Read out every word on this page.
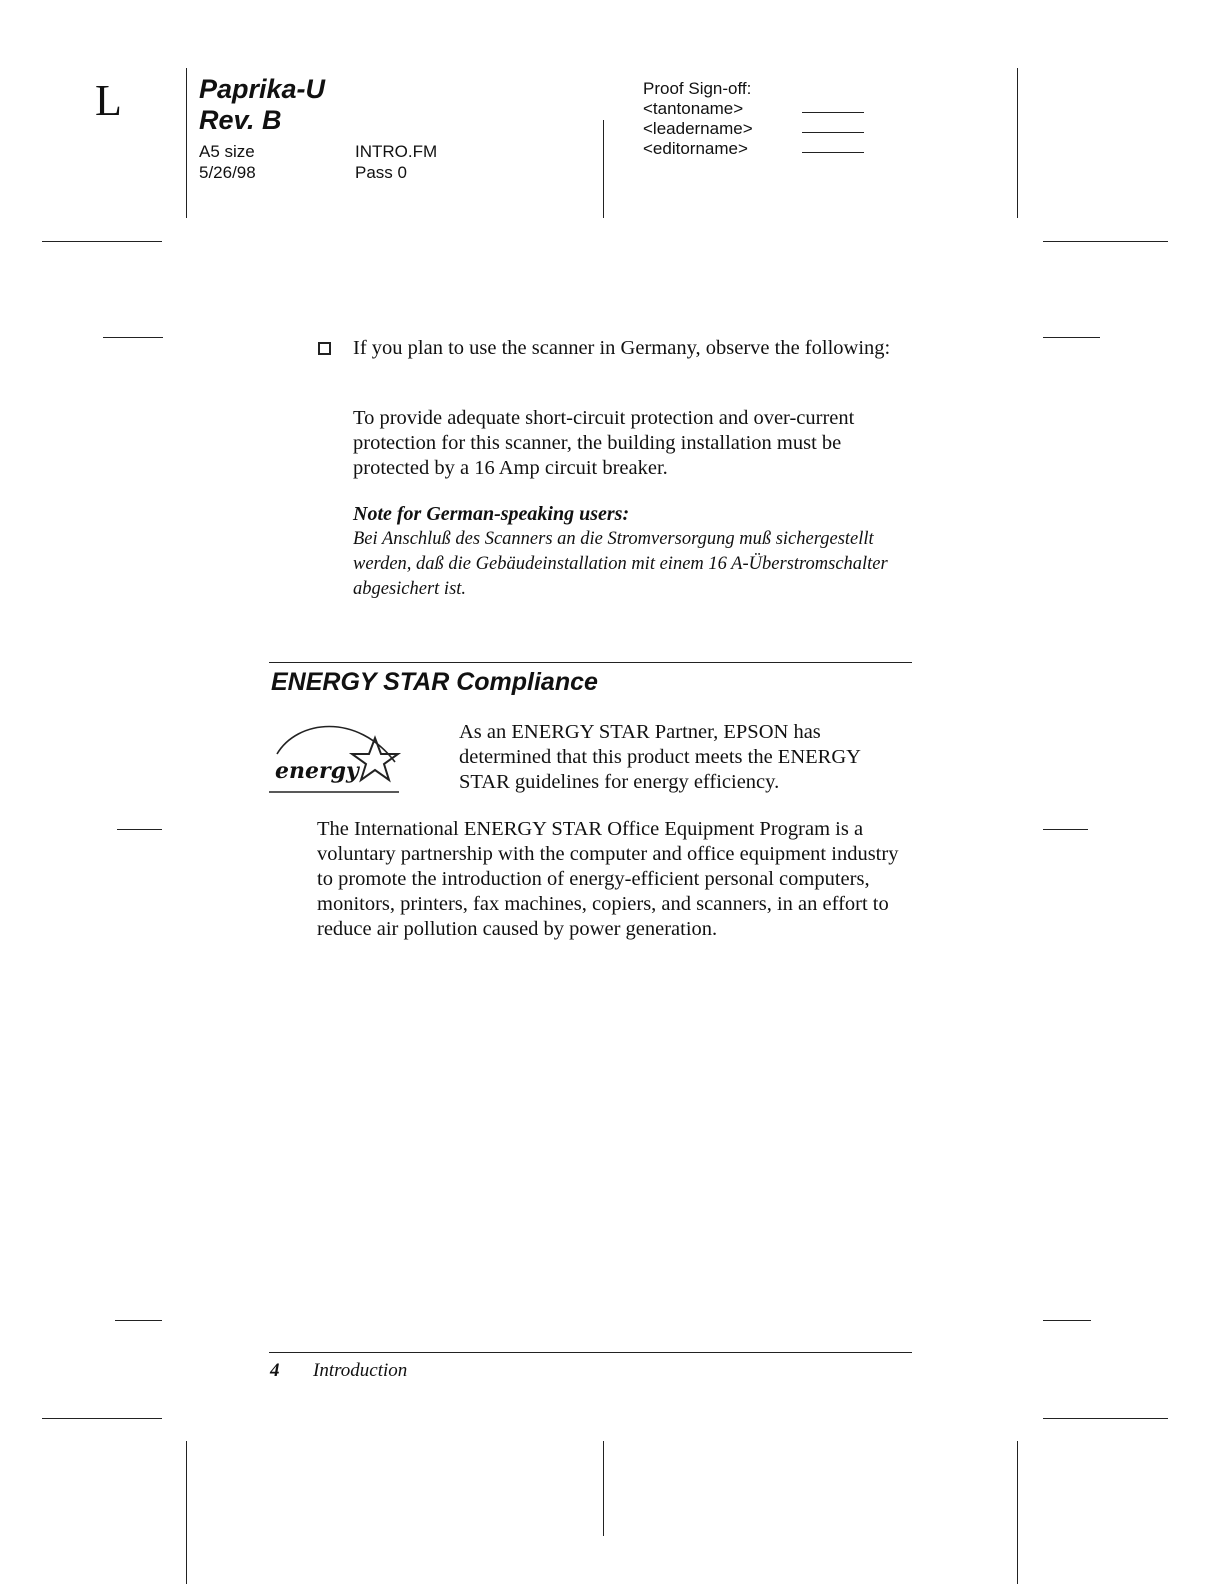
L	Paprika-U
Rev. B
A5 size
5/26/98
INTRO.FM
Pass 0
Proof Sign-off:
<tantoname>
<leadername>
<editorname>
If you plan to use the scanner in Germany, observe the following:
To provide adequate short-circuit protection and over-current protection for this scanner, the building installation must be protected by a 16 Amp circuit breaker.
Note for German-speaking users:
Bei Anschluß des Scanners an die Stromversorgung muß sichergestellt werden, daß die Gebäudeinstallation mit einem 16 A-Überstromschalter abgesichert ist.
ENERGY STAR Compliance
energy
As an ENERGY STAR Partner, EPSON has determined that this product meets the ENERGY STAR guidelines for energy efficiency.
The International ENERGY STAR Office Equipment Program is a voluntary partnership with the computer and office equipment industry to promote the introduction of energy-efficient personal computers, monitors, printers, fax machines, copiers, and scanners, in an effort to reduce air pollution caused by power generation.
4 Introduction
